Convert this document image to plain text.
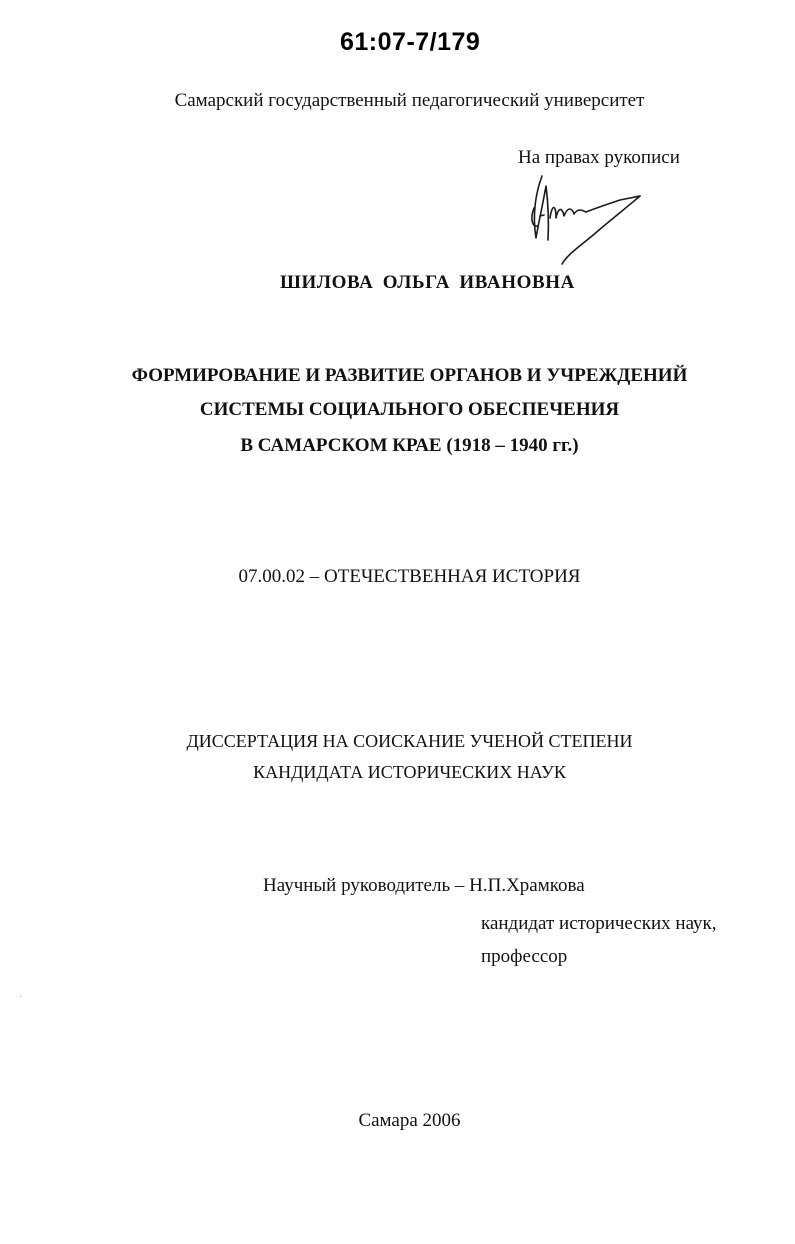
61:07-7/179
Самарский государственный педагогический университет
На правах рукописи
ШИЛОВА ОЛЬГА ИВАНОВНА
ФОРМИРОВАНИЕ И РАЗВИТИЕ ОРГАНОВ И УЧРЕЖДЕНИЙ
СИСТЕМЫ СОЦИАЛЬНОГО ОБЕСПЕЧЕНИЯ
В САМАРСКОМ КРАЕ (1918 – 1940 гг.)
07.00.02 – ОТЕЧЕСТВЕННАЯ ИСТОРИЯ
ДИССЕРТАЦИЯ НА СОИСКАНИЕ УЧЕНОЙ СТЕПЕНИ
КАНДИДАТА ИСТОРИЧЕСКИХ НАУК
Научный руководитель – Н.П.Храмкова
кандидат исторических наук,
профессор
Самара 2006
